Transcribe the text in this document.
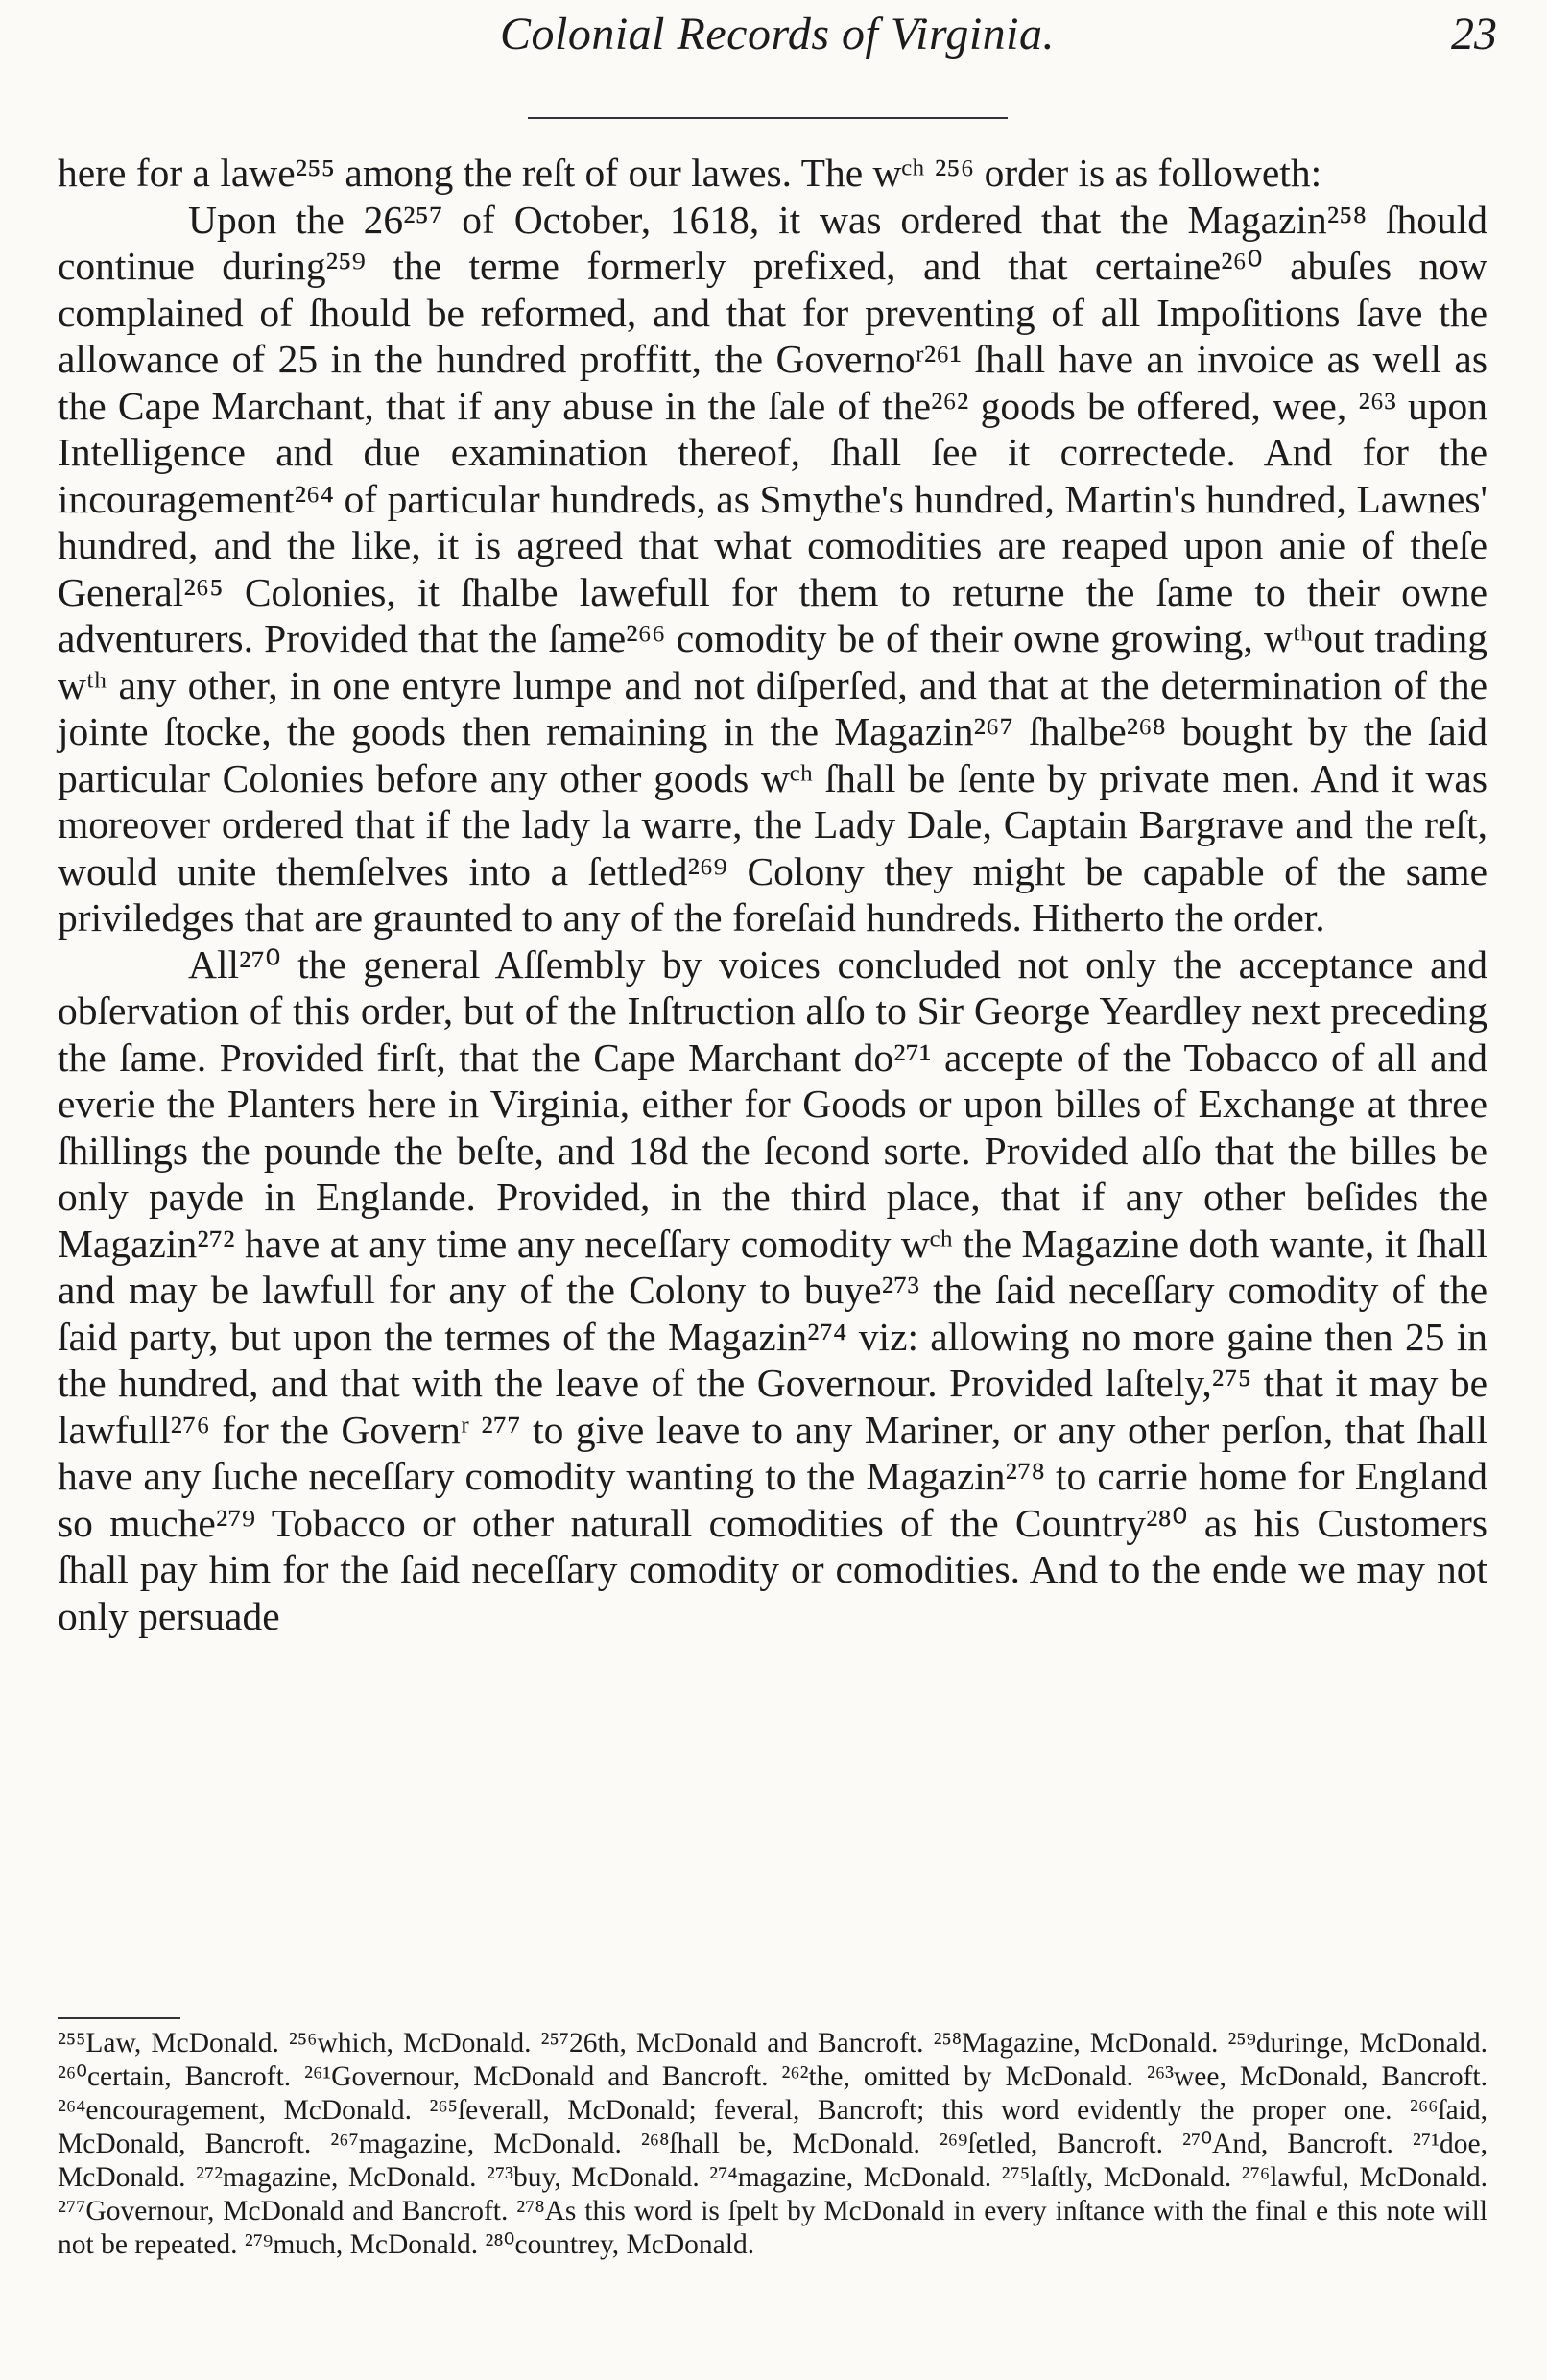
Colonial Records of Virginia.	23

here for a lawe²⁵⁵ among the reſt of our lawes. The wᶜʰ ²⁵⁶ order is as followeth:

Upon the 26²⁵⁷ of October, 1618, it was ordered that the Magazin²⁵⁸ ſhould continue during²⁵⁹ the terme formerly prefixed, and that certaine²⁶⁰ abuſes now complained of ſhould be reformed, and that for preventing of all Impoſitions ſave the allowance of 25 in the hundred proffitt, the Governoʳ²⁶¹ ſhall have an invoice as well as the Cape Marchant, that if any abuse in the ſale of the²⁶² goods be offered, wee, ²⁶³ upon Intelligence and due examination thereof, ſhall ſee it correctede. And for the incouragement²⁶⁴ of particular hundreds, as Smythe's hundred, Martin's hundred, Lawnes' hundred, and the like, it is agreed that what comodities are reaped upon anie of theſe General²⁶⁵ Colonies, it ſhalbe lawefull for them to returne the ſame to their owne adventurers. Provided that the ſame²⁶⁶ comodity be of their owne growing, wᵗʰout trading wᵗʰ any other, in one entyre lumpe and not diſperſed, and that at the determination of the jointe ſtocke, the goods then remaining in the Magazin²⁶⁷ ſhalbe²⁶⁸ bought by the ſaid particular Colonies before any other goods wᶜʰ ſhall be ſente by private men. And it was moreover ordered that if the lady la warre, the Lady Dale, Captain Bargrave and the reſt, would unite themſelves into a ſettled²⁶⁹ Colony they might be capable of the same priviledges that are graunted to any of the foreſaid hundreds. Hitherto the order.

All²⁷⁰ the general Aſſembly by voices concluded not only the acceptance and obſervation of this order, but of the Inſtruction alſo to Sir George Yeardley next preceding the ſame. Provided firſt, that the Cape Marchant do²⁷¹ accepte of the Tobacco of all and everie the Planters here in Virginia, either for Goods or upon billes of Exchange at three ſhillings the pounde the beſte, and 18d the ſecond sorte. Provided alſo that the billes be only payde in Englande. Provided, in the third place, that if any other beſides the Magazin²⁷² have at any time any neceſſary comodity wᶜʰ the Magazine doth wante, it ſhall and may be lawfull for any of the Colony to buye²⁷³ the ſaid neceſſary comodity of the ſaid party, but upon the termes of the Magazin²⁷⁴ viz: allowing no more gaine then 25 in the hundred, and that with the leave of the Governour. Provided laſtely,²⁷⁵ that it may be lawfull²⁷⁶ for the Governʳ ²⁷⁷ to give leave to any Mariner, or any other perſon, that ſhall have any ſuche neceſſary comodity wanting to the Magazin²⁷⁸ to carrie home for England so muche²⁷⁹ Tobacco or other naturall comodities of the Country²⁸⁰ as his Customers ſhall pay him for the ſaid neceſſary comodity or comodities. And to the ende we may not only persuade

²⁵⁵Law, McDonald. ²⁵⁶which, McDonald. ²⁵⁷26th, McDonald and Bancroft. ²⁵⁸Magazine, McDonald. ²⁵⁹duringe, McDonald. ²⁶⁰certain, Bancroft. ²⁶¹Governour, McDonald and Bancroft. ²⁶²the, omitted by McDonald. ²⁶³wee, McDonald, Bancroft. ²⁶⁴encouragement, McDonald. ²⁶⁵ſeverall, McDonald; feveral, Bancroft; this word evidently the proper one. ²⁶⁶ſaid, McDonald, Bancroft. ²⁶⁷magazine, McDonald. ²⁶⁸ſhall be, McDonald. ²⁶⁹ſetled, Bancroft. ²⁷⁰And, Bancroft. ²⁷¹doe, McDonald. ²⁷²magazine, McDonald. ²⁷³buy, McDonald. ²⁷⁴magazine, McDonald. ²⁷⁵laſtly, McDonald. ²⁷⁶lawful, McDonald. ²⁷⁷Governour, McDonald and Bancroft. ²⁷⁸As this word is ſpelt by McDonald in every inſtance with the final e this note will not be repeated. ²⁷⁹much, McDonald. ²⁸⁰countrey, McDonald.
